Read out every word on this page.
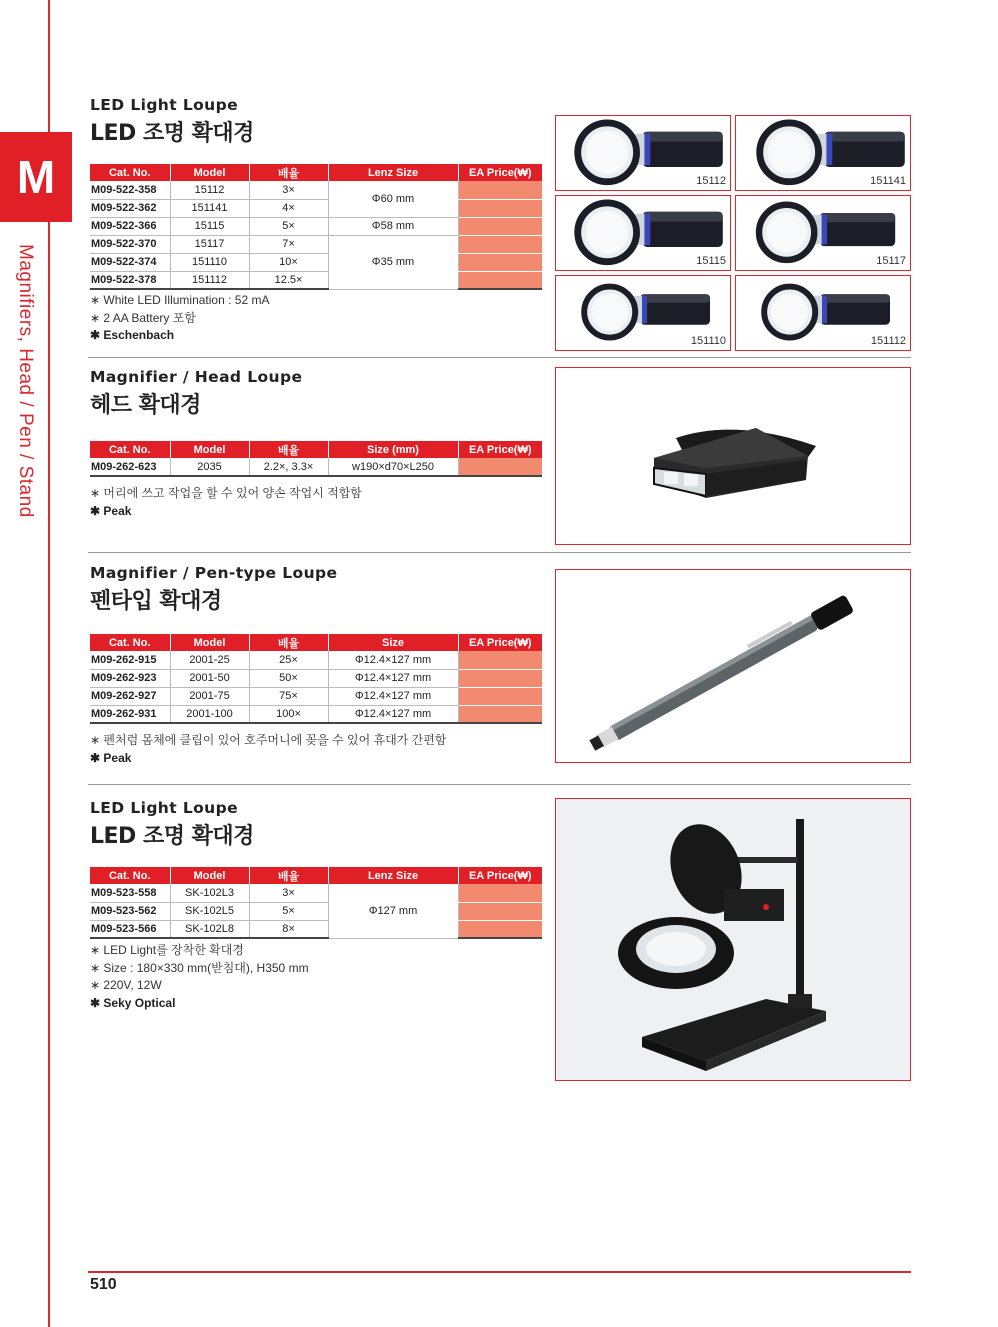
M
Magnifiers, Head / Pen / Stand
LED Light Loupe
LED 조명 확대경
Cat. No.	Model	배율	Lenz Size	EA Price(₩)
M09-522-358	15112	3×	Φ60 mm	
M09-522-362	151141	4×		
M09-522-366	15115	5×	Φ58 mm	
M09-522-370	15117	7×	Φ35 mm	
M09-522-374	151110	10×		
M09-522-378	151112	12.5×		
∗ White LED Illumination : 52 mA
∗ 2 AA Battery 포함
✱ Eschenbach
15112	151141
15115	15117
151110	151112
Magnifier / Head Loupe
헤드 확대경
Cat. No.	Model	배율	Size (mm)	EA Price(₩)
M09-262-623	2035	2.2×, 3.3×	w190×d70×L250	
∗ 머리에 쓰고 작업을 할 수 있어 양손 작업시 적합함
✱ Peak
Magnifier / Pen-type Loupe
펜타입 확대경
Cat. No.	Model	배율	Size	EA Price(₩)
M09-262-915	2001-25	25×	Φ12.4×127 mm	
M09-262-923	2001-50	50×	Φ12.4×127 mm	
M09-262-927	2001-75	75×	Φ12.4×127 mm	
M09-262-931	2001-100	100×	Φ12.4×127 mm	
∗ 펜처럼 몸체에 클립이 있어 호주머니에 꽂을 수 있어 휴대가 간편함
✱ Peak
LED Light Loupe
LED 조명 확대경
Cat. No.	Model	배율	Lenz Size	EA Price(₩)
M09-523-558	SK-102L3	3×	Φ127 mm	
M09-523-562	SK-102L5	5×		
M09-523-566	SK-102L8	8×		
∗ LED Light를 장착한 확대경
∗ Size : 180×330 mm(받침대), H350 mm
∗ 220V, 12W
✱ Seky Optical
510
